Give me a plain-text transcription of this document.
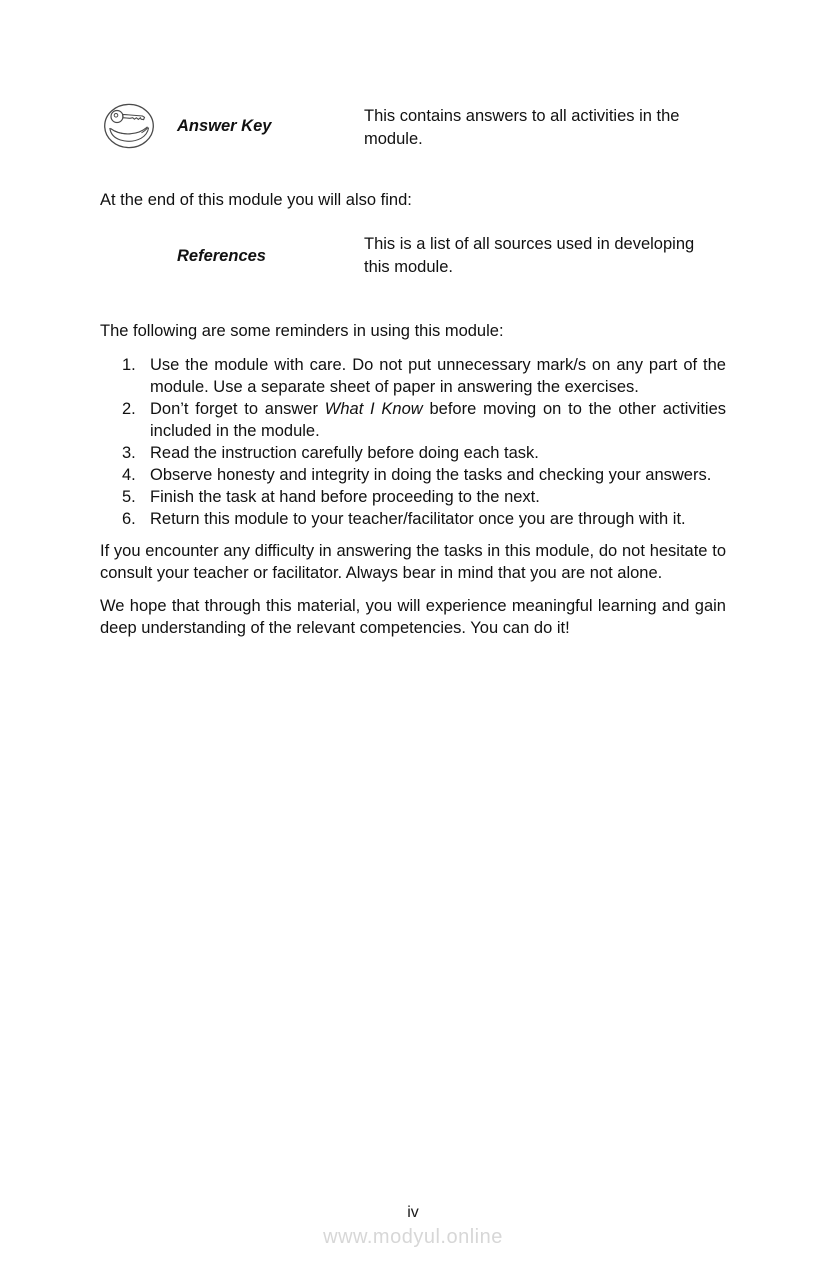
Answer Key
This contains answers to all activities in the module.
At the end of this module you will also find:
References
This is a list of all sources used in developing this module.
The following are some reminders in using this module:
1. Use the module with care. Do not put unnecessary mark/s on any part of the module. Use a separate sheet of paper in answering the exercises.
2. Don’t forget to answer What I Know before moving on to the other activities included in the module.
3. Read the instruction carefully before doing each task.
4. Observe honesty and integrity in doing the tasks and checking your answers.
5. Finish the task at hand before proceeding to the next.
6. Return this module to your teacher/facilitator once you are through with it.
If you encounter any difficulty in answering the tasks in this module, do not hesitate to consult your teacher or facilitator. Always bear in mind that you are not alone.
We hope that through this material, you will experience meaningful learning and gain deep understanding of the relevant competencies. You can do it!
iv
www.modyul.online
